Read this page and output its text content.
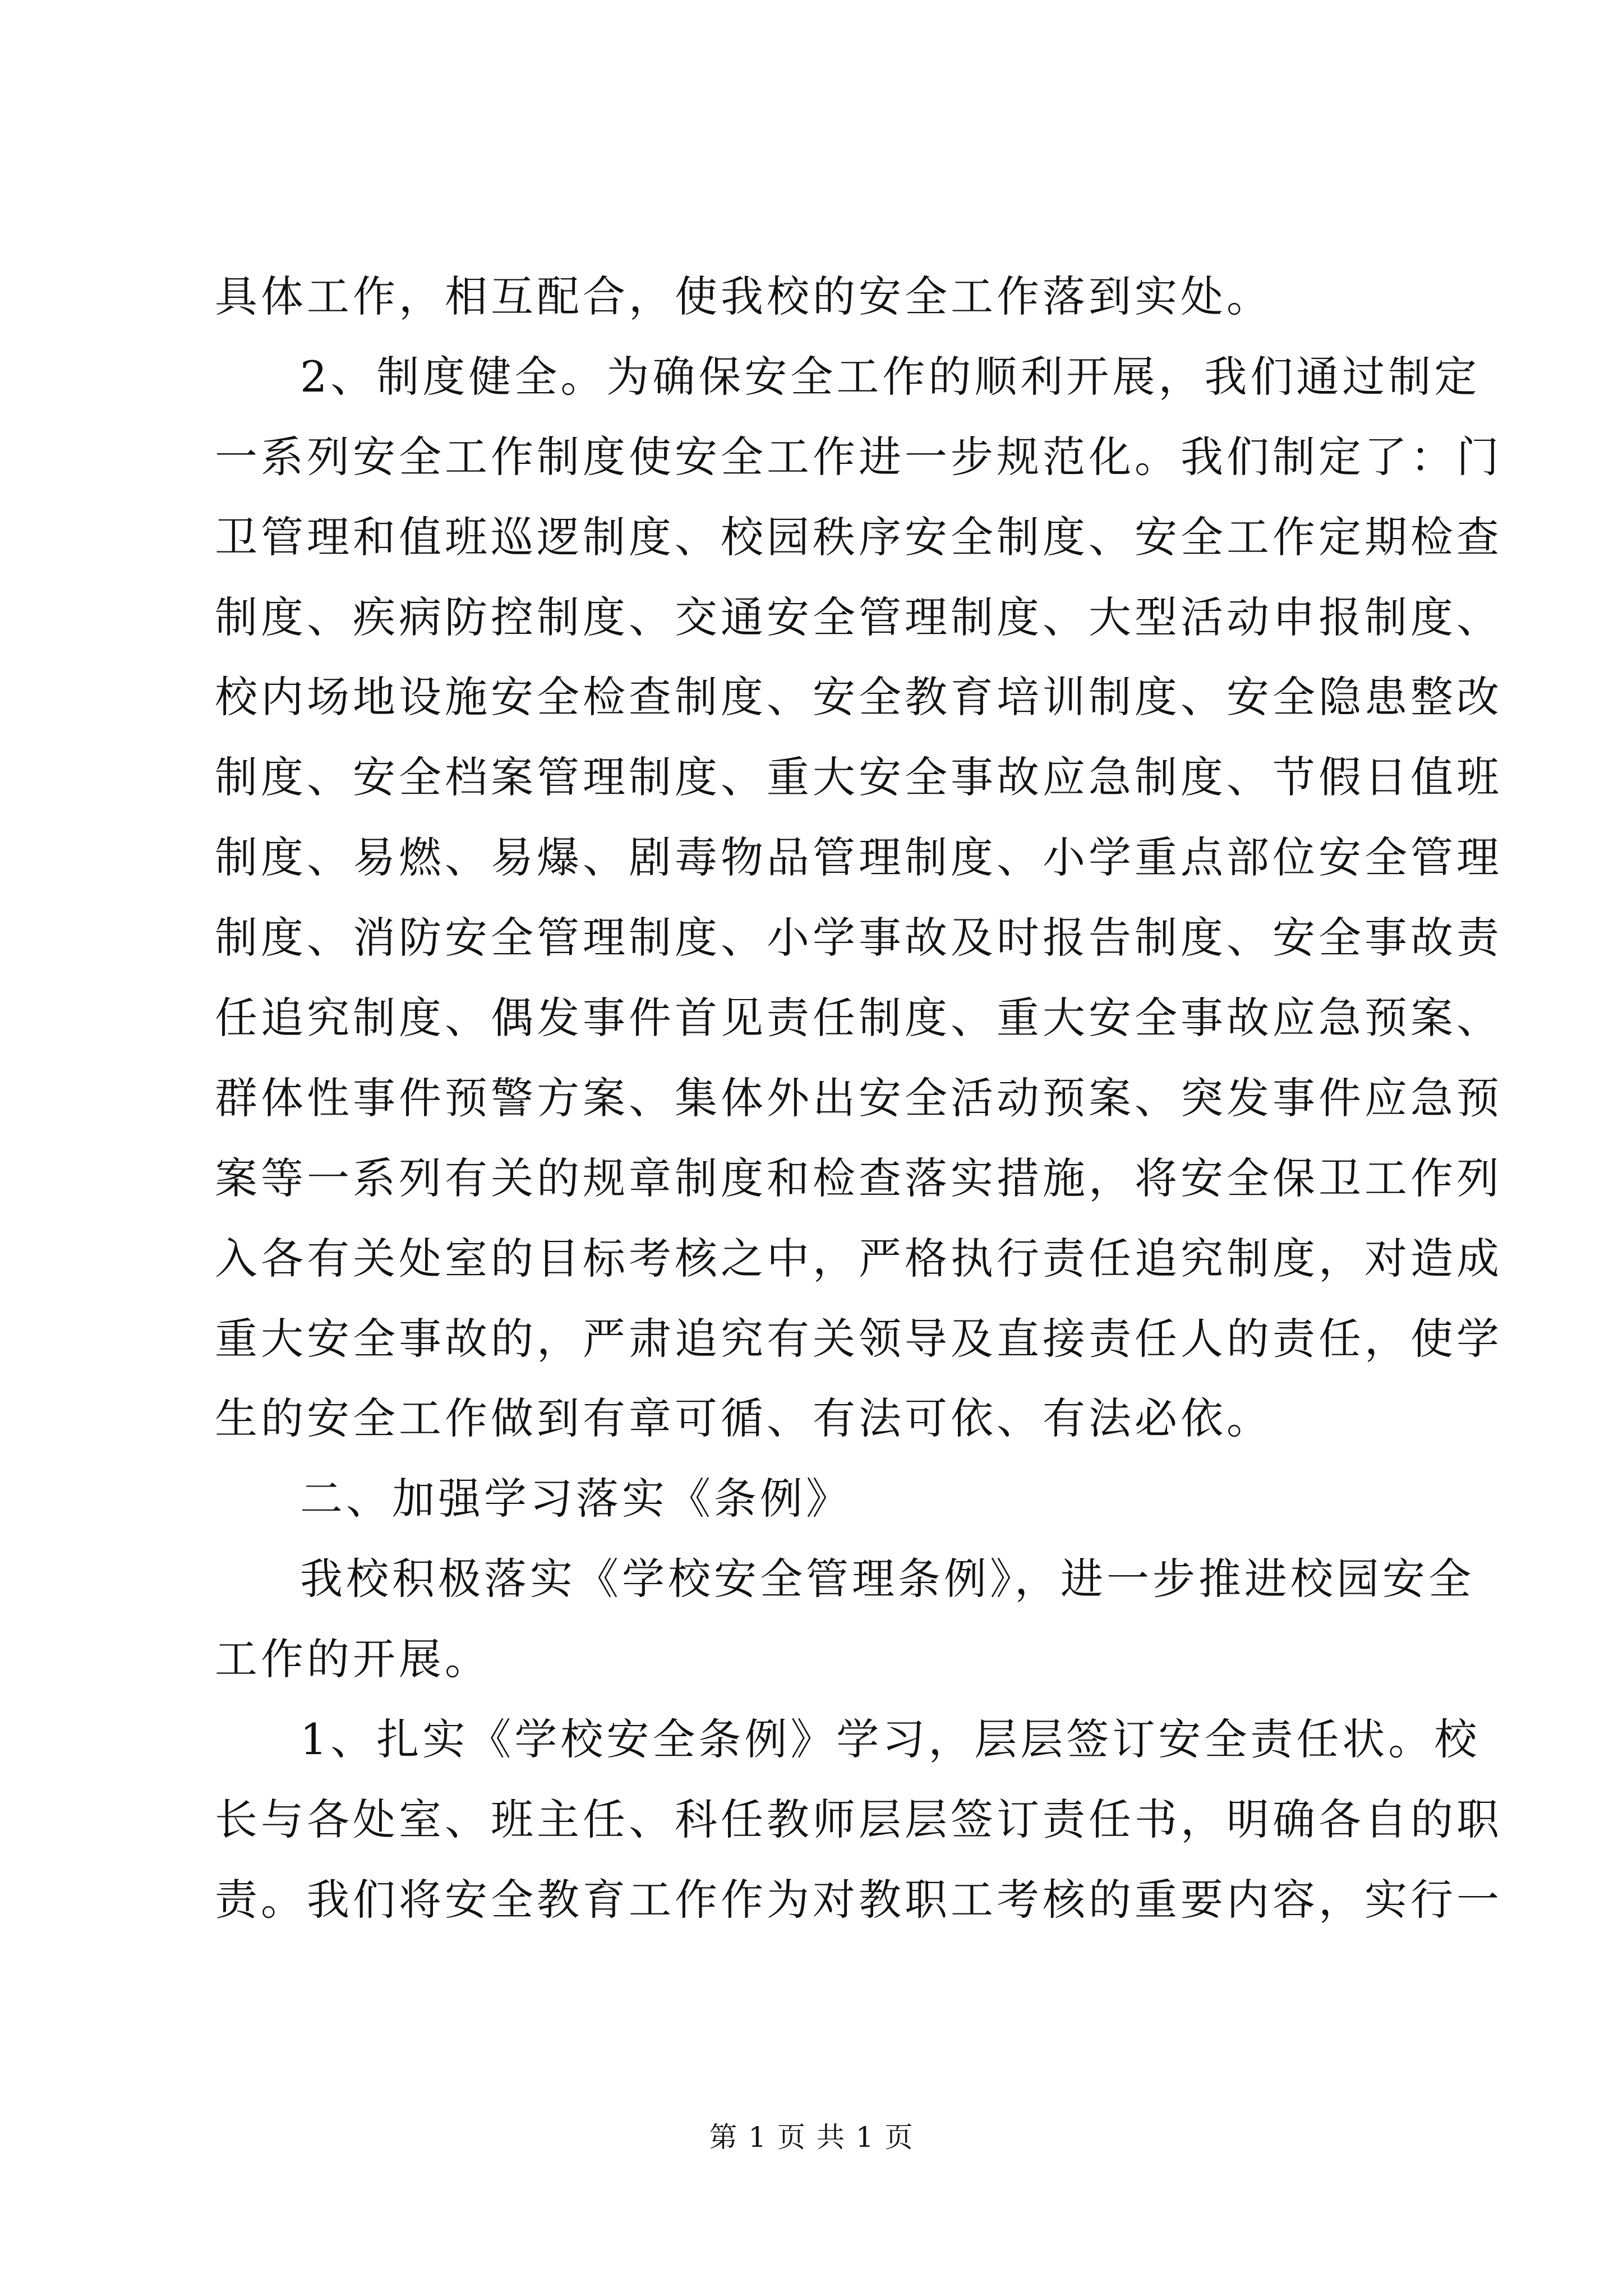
具体工作，相互配合，使我校的安全工作落到实处。
2、制度健全。为确保安全工作的顺利开展，我们通过制定
一系列安全工作制度使安全工作进一步规范化。我们制定了：门
卫管理和值班巡逻制度、校园秩序安全制度、安全工作定期检查
制度、疾病防控制度、交通安全管理制度、大型活动申报制度、
校内场地设施安全检查制度、安全教育培训制度、安全隐患整改
制度、安全档案管理制度、重大安全事故应急制度、节假日值班
制度、易燃、易爆、剧毒物品管理制度、小学重点部位安全管理
制度、消防安全管理制度、小学事故及时报告制度、安全事故责
任追究制度、偶发事件首见责任制度、重大安全事故应急预案、
群体性事件预警方案、集体外出安全活动预案、突发事件应急预
案等一系列有关的规章制度和检查落实措施，将安全保卫工作列
入各有关处室的目标考核之中，严格执行责任追究制度，对造成
重大安全事故的，严肃追究有关领导及直接责任人的责任，使学
生的安全工作做到有章可循、有法可依、有法必依。
二、加强学习落实《条例》
我校积极落实《学校安全管理条例》，进一步推进校园安全
工作的开展。
1、扎实《学校安全条例》学习，层层签订安全责任状。校
长与各处室、班主任、科任教师层层签订责任书，明确各自的职
责。我们将安全教育工作作为对教职工考核的重要内容，实行一
第 1 页 共 1 页
